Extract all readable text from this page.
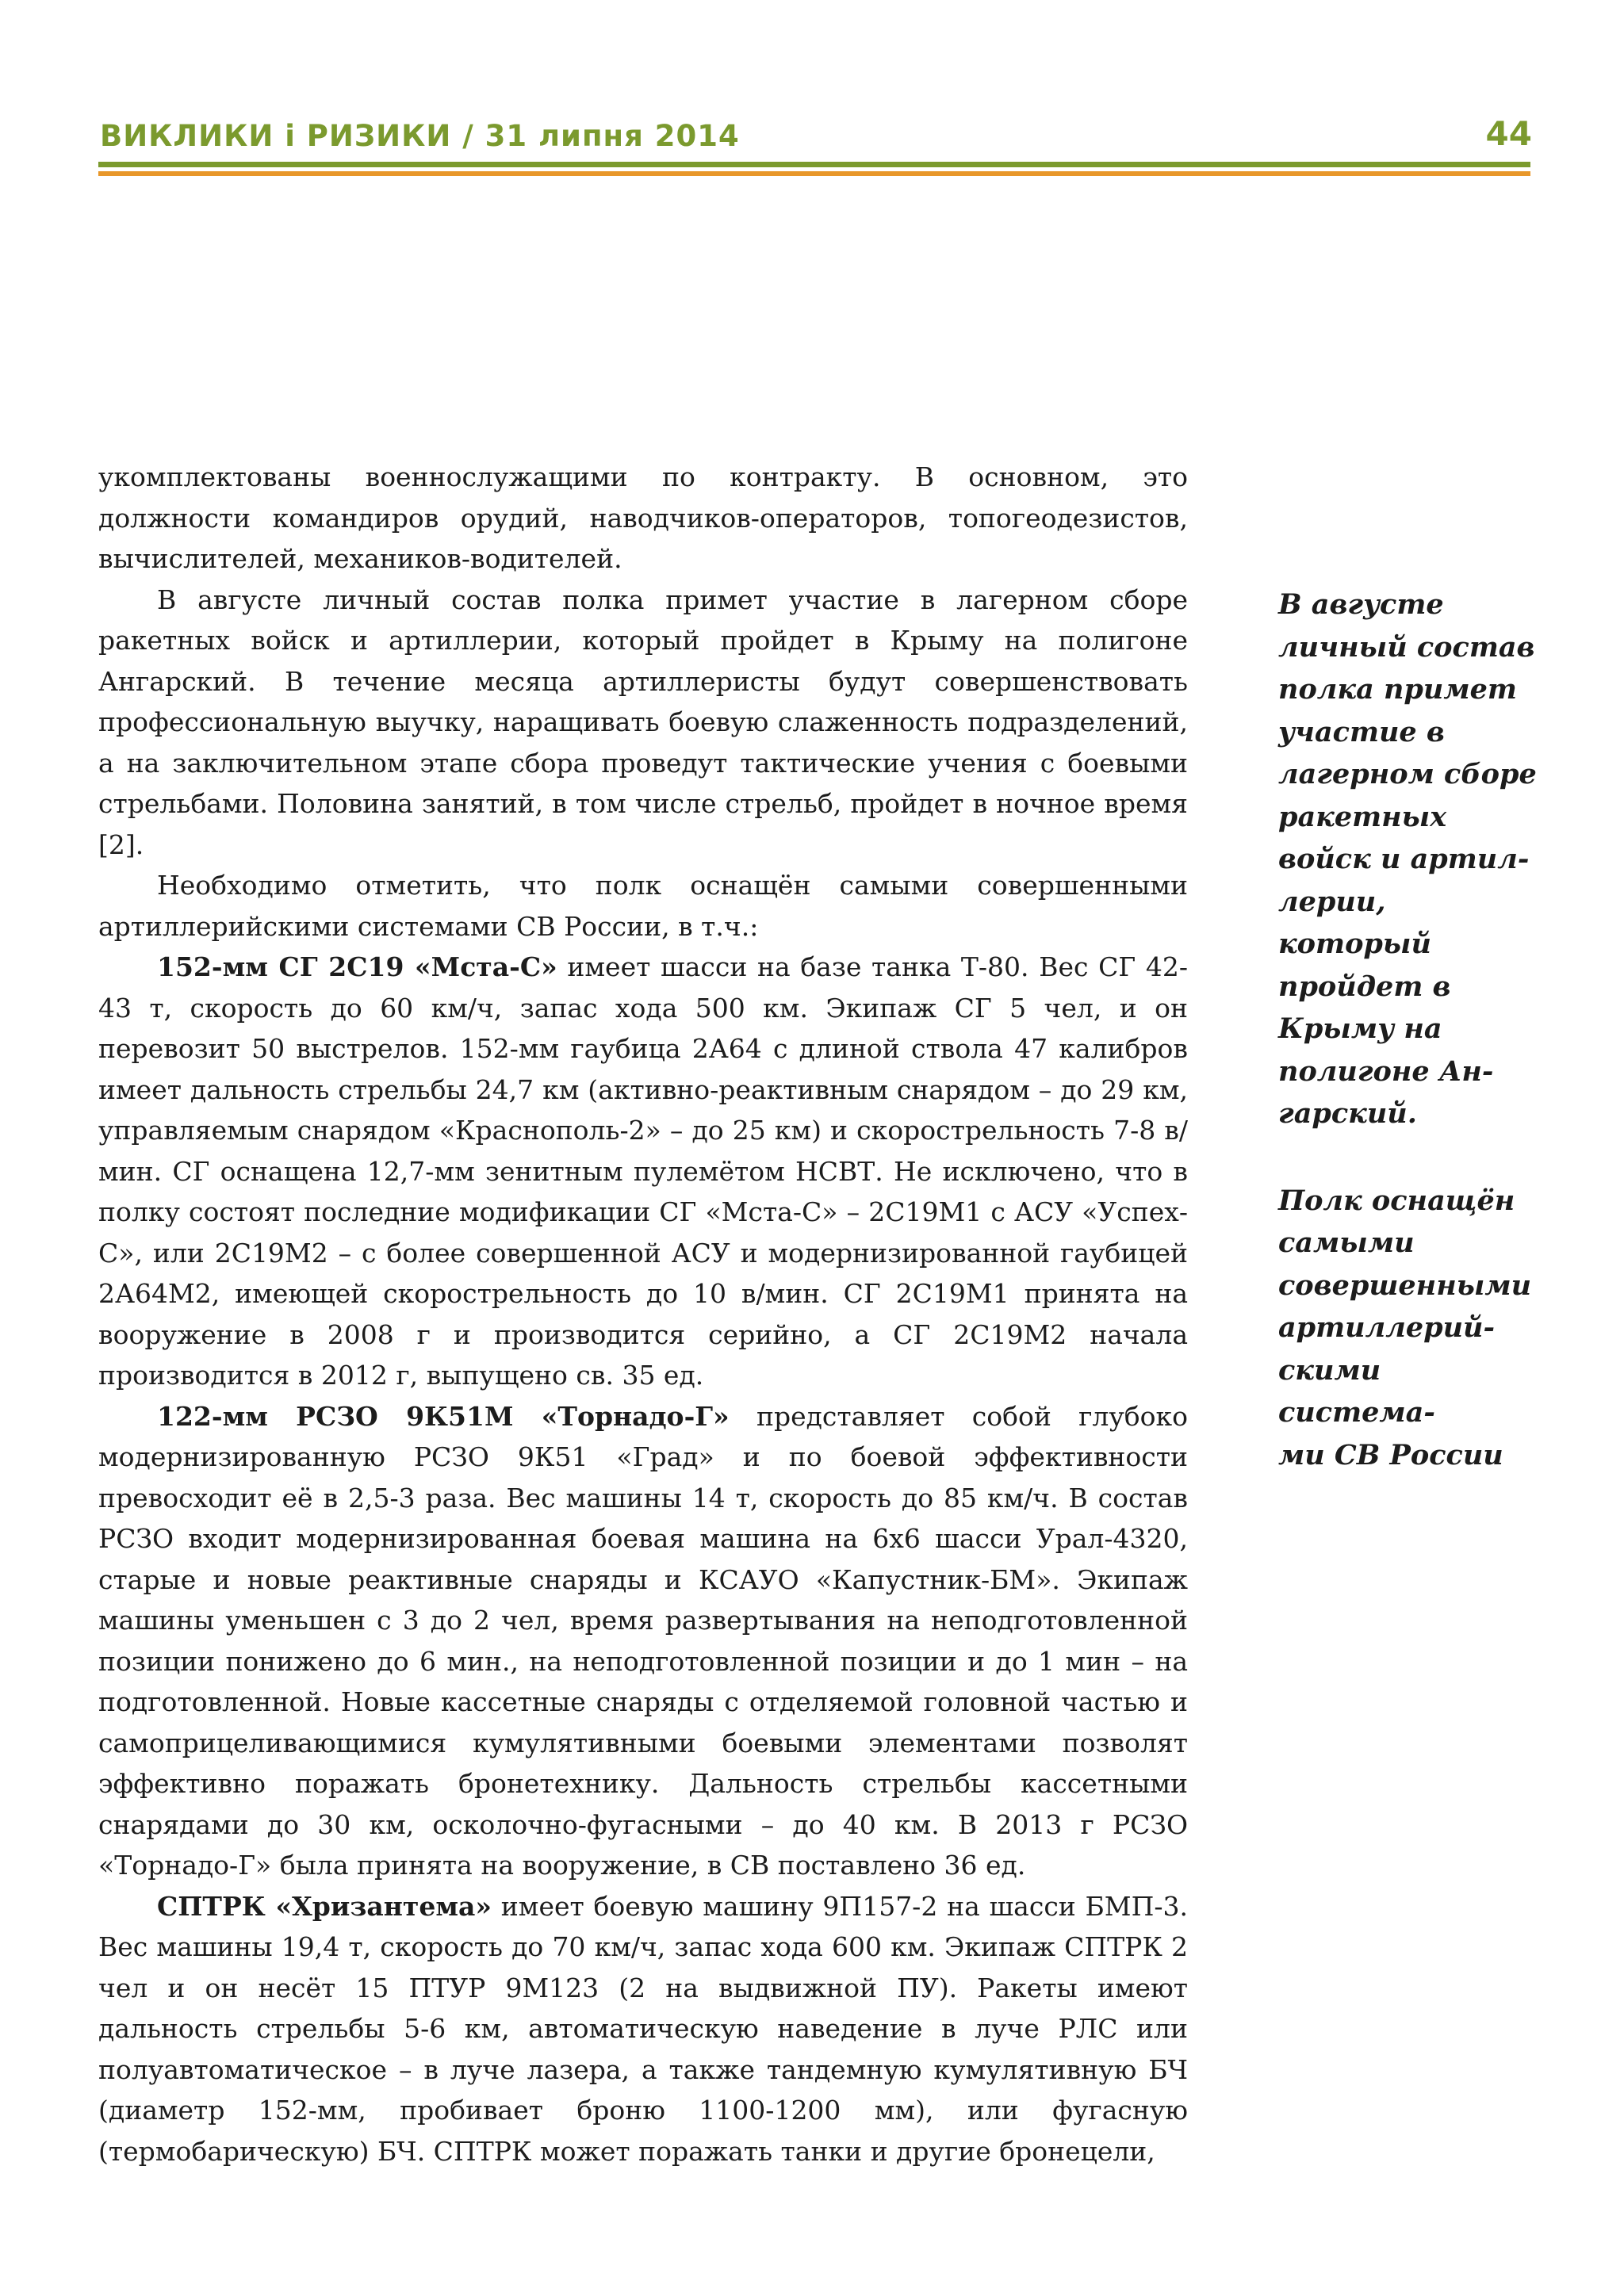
ВИКЛИКИ і РИЗИКИ / 31 липня 2014	44

укомплектованы военнослужащими по контракту. В основном, это должности командиров орудий, наводчиков-операторов, топогеодезистов, вычислителей, механиков-водителей.

В августе личный состав полка примет участие в лагерном сборе ракетных войск и артиллерии, который пройдет в Крыму на полигоне Ангарский. В течение месяца артиллеристы будут совершенствовать профессиональную выучку, наращивать боевую слаженность подразделений, а на заключительном этапе сбора проведут тактические учения с боевыми стрельбами. Половина занятий, в том числе стрельб, пройдет в ночное время [2].

Необходимо отметить, что полк оснащён самыми совершенными артиллерийскими системами СВ России, в т.ч.:

152-мм СГ 2С19 «Мста-С» имеет шасси на базе танка Т-80. Вес СГ 42-43 т, скорость до 60 км/ч, запас хода 500 км. Экипаж СГ 5 чел, и он перевозит 50 выстрелов. 152-мм гаубица 2А64 с длиной ствола 47 калибров имеет дальность стрельбы 24,7 км (активно-реактивным снарядом – до 29 км, управляемым снарядом «Краснополь-2» – до 25 км) и скорострельность 7-8 в/мин. СГ оснащена 12,7-мм зенитным пулемётом НСВТ. Не исключено, что в полку состоят последние модификации СГ «Мста-С» – 2С19М1 с АСУ «Успех-С», или 2С19М2 – с более совершенной АСУ и модернизированной гаубицей 2А64М2, имеющей скорострельность до 10 в/мин. СГ 2С19М1 принята на вооружение в 2008 г и производится серийно, а СГ 2С19М2 начала производится в 2012 г, выпущено св. 35 ед.

122-мм РСЗО 9К51М «Торнадо-Г» представляет собой глубоко модернизированную РСЗО 9К51 «Град» и по боевой эффективности превосходит её в 2,5-3 раза. Вес машины 14 т, скорость до 85 км/ч. В состав РСЗО входит модернизированная боевая машина на 6х6 шасси Урал-4320, старые и новые реактивные снаряды и КСАУО «Капустник-БМ». Экипаж машины уменьшен с 3 до 2 чел, время развертывания на неподготовленной позиции понижено до 6 мин., на неподготовленной позиции и до 1 мин – на подготовленной. Новые кассетные снаряды с отделяемой головной частью и самоприцеливающимися кумулятивными боевыми элементами позволят эффективно поражать бронетехнику. Дальность стрельбы кассетными снарядами до 30 км, осколочно-фугасными – до 40 км. В 2013 г РСЗО «Торнадо-Г» была принята на вооружение, в СВ поставлено 36 ед.

СПТРК «Хризантема» имеет боевую машину 9П157-2 на шасси БМП-3. Вес машины 19,4 т, скорость до 70 км/ч, запас хода 600 км. Экипаж СПТРК 2 чел и он несёт 15 ПТУР 9М123 (2 на выдвижной ПУ). Ракеты имеют дальность стрельбы 5-6 км, автоматическую наведение в луче РЛС или полуавтоматическое – в луче лазера, а также тандемную кумулятивную БЧ (диаметр 152-мм, пробивает броню 1100-1200 мм), или фугасную (термобарическую) БЧ. СПТРК может поражать танки и другие бронецели,

В августе
личный состав
полка примет
участие в
лагерном сборе
ракетных
войск и артил-
лерии, который
пройдет в
Крыму на
полигоне Ан-
гарский.
Полк оснащён
самыми
совершенными
артиллерий-
скими система-
ми СВ России
